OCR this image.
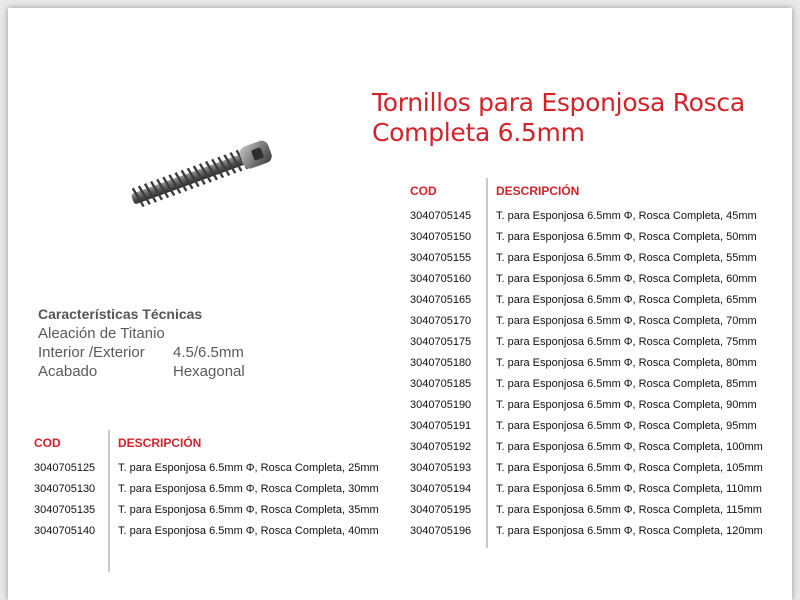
Tornillos para Esponjosa Rosca Completa 6.5mm
Características Técnicas
Aleación de Titanio
Interior /Exterior	4.5/6.5mm
Acabado	Hexagonal
COD	DESCRIPCIÓN
3040705125 T. para Esponjosa 6.5mm Φ, Rosca Completa, 25mm
3040705130 T. para Esponjosa 6.5mm Φ, Rosca Completa, 30mm
3040705135 T. para Esponjosa 6.5mm Φ, Rosca Completa, 35mm
3040705140 T. para Esponjosa 6.5mm Φ, Rosca Completa, 40mm
COD	DESCRIPCIÓN
3040705145 T. para Esponjosa 6.5mm Φ, Rosca Completa, 45mm
3040705150 T. para Esponjosa 6.5mm Φ, Rosca Completa, 50mm
3040705155 T. para Esponjosa 6.5mm Φ, Rosca Completa, 55mm
3040705160 T. para Esponjosa 6.5mm Φ, Rosca Completa, 60mm
3040705165 T. para Esponjosa 6.5mm Φ, Rosca Completa, 65mm
3040705170 T. para Esponjosa 6.5mm Φ, Rosca Completa, 70mm
3040705175 T. para Esponjosa 6.5mm Φ, Rosca Completa, 75mm
3040705180 T. para Esponjosa 6.5mm Φ, Rosca Completa, 80mm
3040705185 T. para Esponjosa 6.5mm Φ, Rosca Completa, 85mm
3040705190 T. para Esponjosa 6.5mm Φ, Rosca Completa, 90mm
3040705191 T. para Esponjosa 6.5mm Φ, Rosca Completa, 95mm
3040705192 T. para Esponjosa 6.5mm Φ, Rosca Completa, 100mm
3040705193 T. para Esponjosa 6.5mm Φ, Rosca Completa, 105mm
3040705194 T. para Esponjosa 6.5mm Φ, Rosca Completa, 110mm
3040705195 T. para Esponjosa 6.5mm Φ, Rosca Completa, 115mm
3040705196 T. para Esponjosa 6.5mm Φ, Rosca Completa, 120mm
